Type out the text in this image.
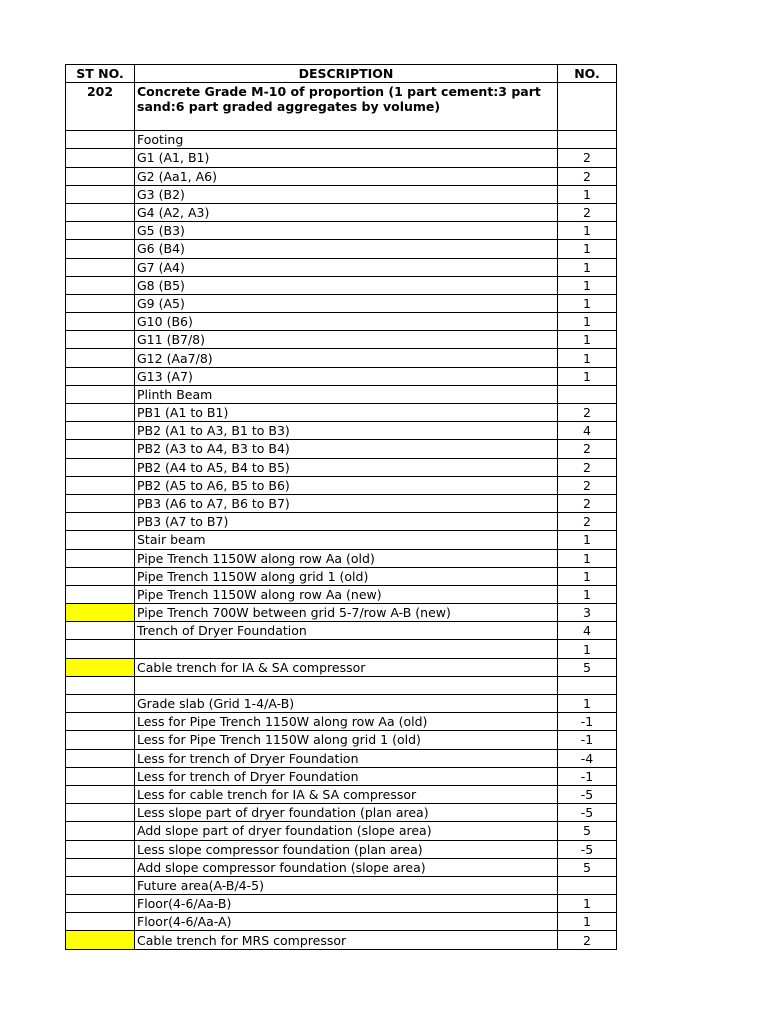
ST NO.	DESCRIPTION	NO.
202	Concrete Grade M-10 of proportion (1 part cement:3 part sand:6 part graded aggregates by volume)	
	Footing	
	G1 (A1, B1)	2
	G2 (Aa1, A6)	2
	G3 (B2)	1
	G4 (A2, A3)	2
	G5 (B3)	1
	G6 (B4)	1
	G7 (A4)	1
	G8 (B5)	1
	G9 (A5)	1
	G10 (B6)	1
	G11 (B7/8)	1
	G12 (Aa7/8)	1
	G13 (A7)	1
	Plinth Beam	
	PB1 (A1 to B1)	2
	PB2 (A1 to A3, B1 to B3)	4
	PB2 (A3 to A4, B3 to B4)	2
	PB2 (A4 to A5, B4 to B5)	2
	PB2 (A5 to A6, B5 to B6)	2
	PB3 (A6 to A7, B6 to B7)	2
	PB3 (A7 to B7)	2
	Stair beam	1
	Pipe Trench 1150W along row Aa (old)	1
	Pipe Trench 1150W along grid 1 (old)	1
	Pipe Trench 1150W along row Aa (new)	1
	Pipe Trench 700W between grid 5-7/row A-B (new)	3
	Trench of Dryer Foundation	4
		1
	Cable trench for IA & SA compressor	5

	Grade slab (Grid 1-4/A-B)	1
	Less for Pipe Trench 1150W along row Aa (old)	-1
	Less for Pipe Trench 1150W along grid 1 (old)	-1
	Less for trench of Dryer Foundation	-4
	Less for trench of Dryer Foundation	-1
	Less for cable trench for IA & SA compressor	-5
	Less slope part of dryer foundation (plan area)	-5
	Add slope part of dryer foundation (slope area)	5
	Less slope compressor foundation (plan area)	-5
	Add slope compressor foundation (slope area)	5
	Future area(A-B/4-5)	
	Floor(4-6/Aa-B)	1
	Floor(4-6/Aa-A)	1
	Cable trench for MRS compressor	2
